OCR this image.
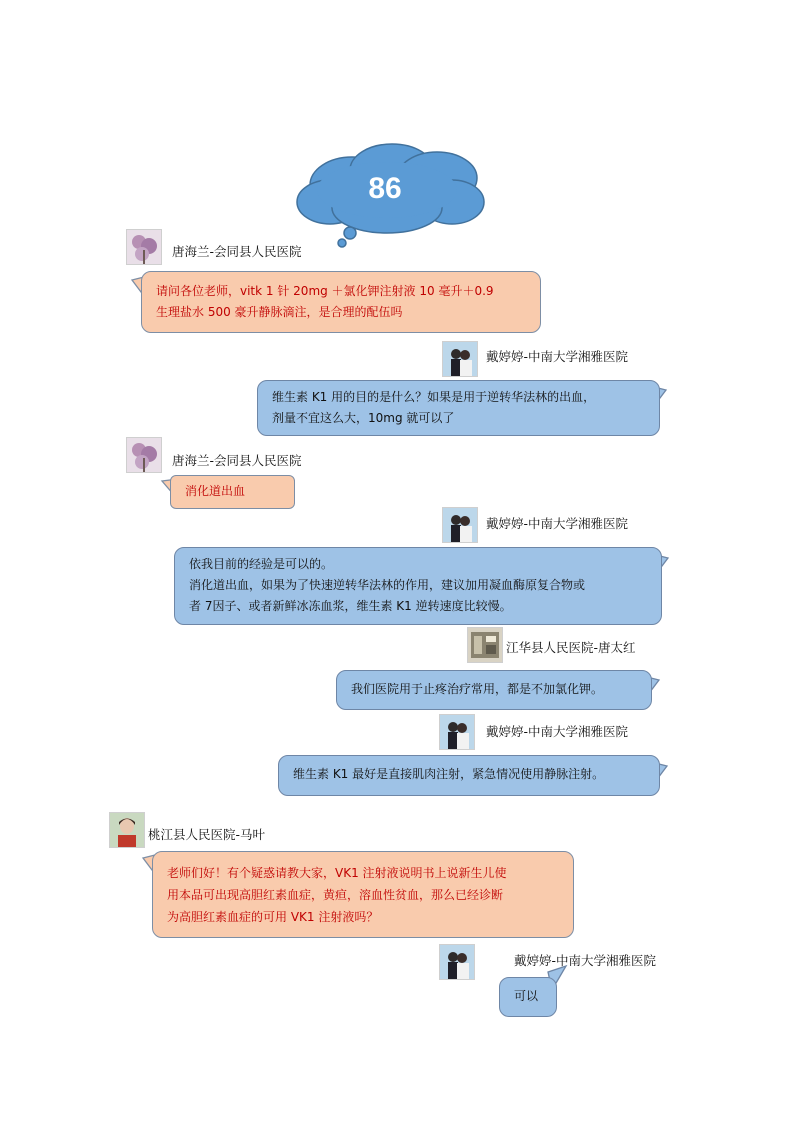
86
唐海兰-会同县人民医院
请问各位老师，vitk 1 针 20mg ＋氯化钾注射液 10 毫升＋0.9
生理盐水 500 豪升静脉滴注，是合理的配伍吗
戴婷婷-中南大学湘雅医院
维生素 K1 用的目的是什么？如果是用于逆转华法林的出血，
剂量不宜这么大，10mg 就可以了
唐海兰-会同县人民医院
消化道出血
戴婷婷-中南大学湘雅医院
依我目前的经验是可以的。
消化道出血，如果为了快速逆转华法林的作用，建议加用凝血酶原复合物或
者 7因子、或者新鲜冰冻血浆，维生素 K1 逆转速度比较慢。
江华县人民医院-唐太红
我们医院用于止疼治疗常用，都是不加氯化钾。
戴婷婷-中南大学湘雅医院
维生素 K1 最好是直接肌肉注射，紧急情况使用静脉注射。
桃江县人民医院-马叶
老师们好！有个疑惑请教大家，VK1 注射液说明书上说新生儿使
用本品可出现高胆红素血症，黄疸，溶血性贫血，那么已经诊断
为高胆红素血症的可用 VK1 注射液吗？
戴婷婷-中南大学湘雅医院
可以
